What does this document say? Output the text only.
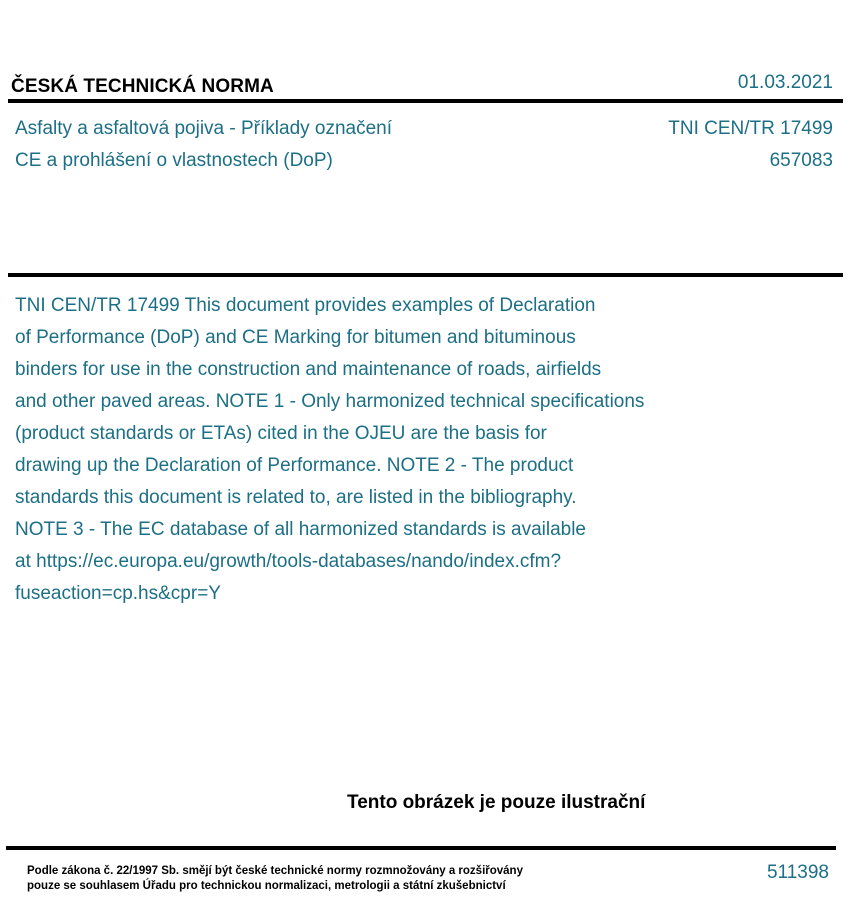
ČESKÁ TECHNICKÁ NORMA	01.03.2021
Asfalty a asfaltová pojiva - Příklady označení
CE a prohlášení o vlastnostech (DoP)
TNI CEN/TR 17499
657083
TNI CEN/TR 17499 This document provides examples of Declaration
of Performance (DoP) and CE Marking for bitumen and bituminous
binders for use in the construction and maintenance of roads, airfields
and other paved areas. NOTE 1 - Only harmonized technical specifications
(product standards or ETAs) cited in the OJEU are the basis for
drawing up the Declaration of Performance. NOTE 2 - The product
standards this document is related to, are listed in the bibliography.
NOTE 3 - The EC database of all harmonized standards is available
at https://ec.europa.eu/growth/tools-databases/nando/index.cfm?
fuseaction=cp.hs&cpr=Y
Tento obrázek je pouze ilustrační
Podle zákona č. 22/1997 Sb. smějí být české technické normy rozmnožovány a rozšiřovány
pouze se souhlasem Úřadu pro technickou normalizaci, metrologii a státní zkušebnictví
511398
